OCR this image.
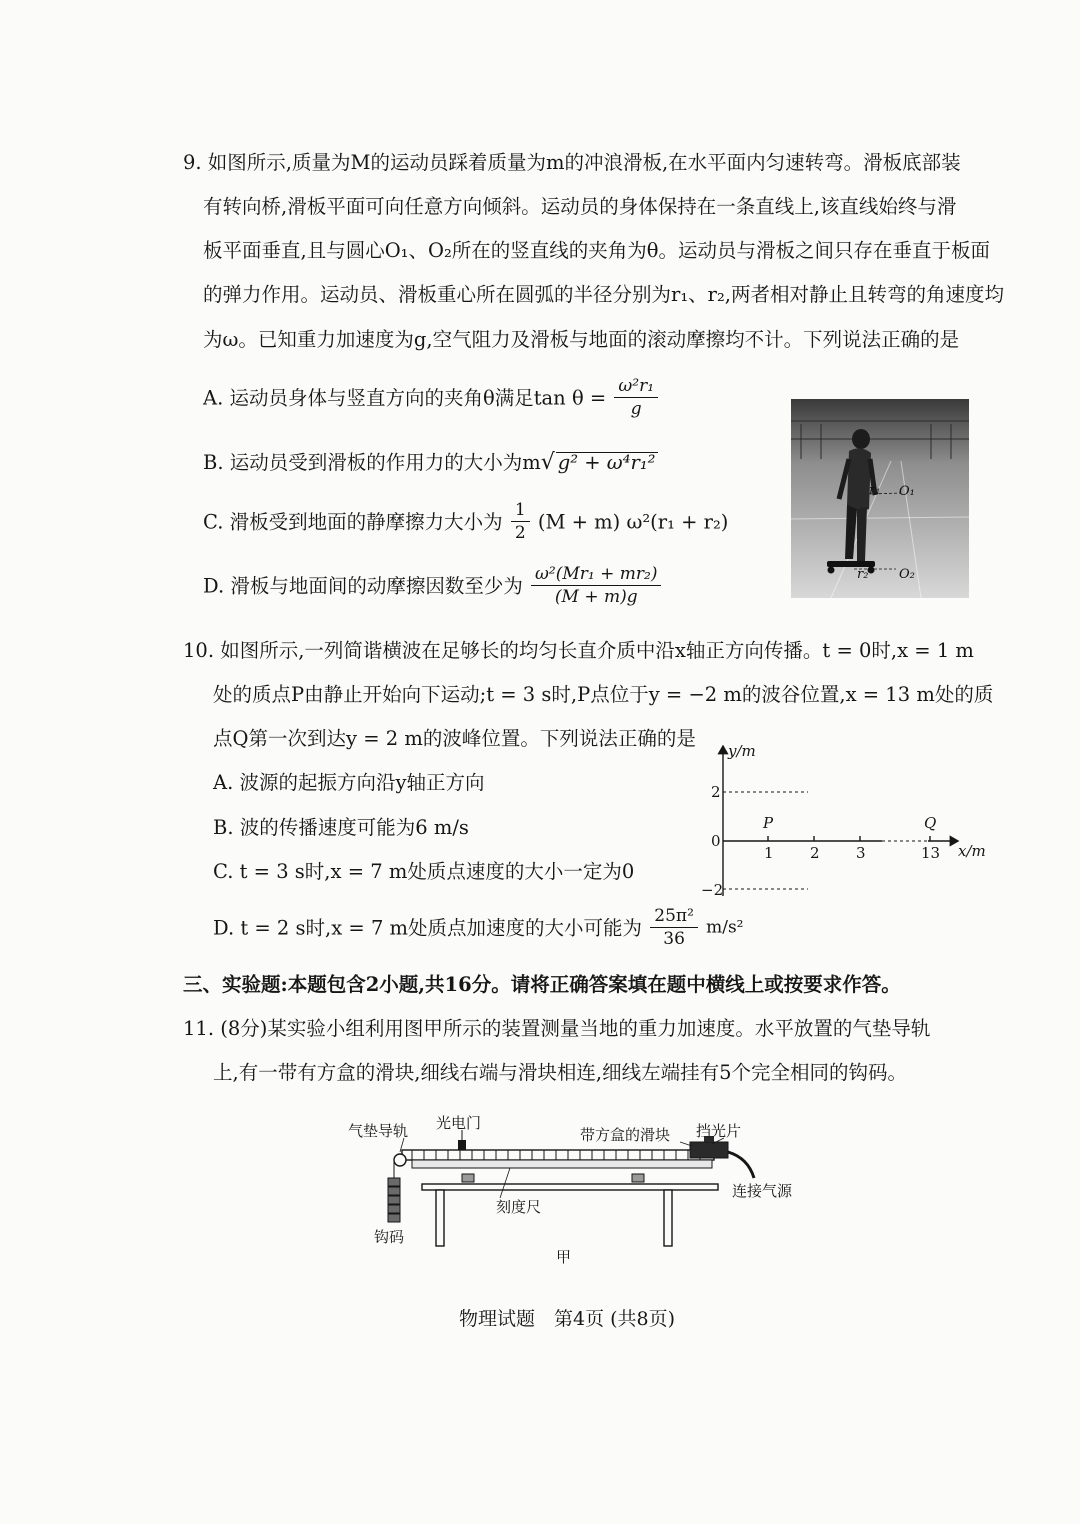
9. 如图所示,质量为M的运动员踩着质量为m的冲浪滑板,在水平面内匀速转弯。滑板底部装
有转向桥,滑板平面可向任意方向倾斜。运动员的身体保持在一条直线上,该直线始终与滑
板平面垂直,且与圆心O₁、O₂所在的竖直线的夹角为θ。运动员与滑板之间只存在垂直于板面
的弹力作用。运动员、滑板重心所在圆弧的半径分别为r₁、r₂,两者相对静止且转弯的角速度均
为ω。已知重力加速度为g,空气阻力及滑板与地面的滚动摩擦均不计。下列说法正确的是
A. 运动员身体与竖直方向的夹角θ满足$\tan \theta = \frac{\text{ω²r₁}}{g}$
B. 运动员受到滑板的作用力的大小为m√ g² + ω⁴r₁²
C. 滑板受到地面的静摩擦力大小为 $\frac{1}{2} (M + m) \omega^2(r_1 + r_2)$
D. 滑板与地面间的动摩擦因数至少为 $\frac{\text{ω²(Mr₁ + mr₂)}}{(M + m)g}$
r₁ O₁
r₂ O₂
10. 如图所示,一列简谐横波在足够长的均匀长直介质中沿x轴正方向传播。t = 0时,x = 1 m
处的质点P由静止开始向下运动;t = 3 s时,P点位于y = −2 m的波谷位置,x = 13 m处的质
点Q第一次到达y = 2 m的波峰位置。下列说法正确的是
A. 波源的起振方向沿y轴正方向
B. 波的传播速度可能为6 m/s
C. t = 3 s时,x = 7 m处质点速度的大小一定为0
D. t = 2 s时,x = 7 m处质点加速度的大小可能为 $\frac{\text{25π²}}{36} m/s^2$
y/m
x/m
2
0
−2
1 2 3	13
P	Q
三、实验题:本题包含2小题,共16分。请将正确答案填在题中横线上或按要求作答。
11. (8分)某实验小组利用图甲所示的装置测量当地的重力加速度。水平放置的气垫导轨
上,有一带有方盒的滑块,细线右端与滑块相连,细线左端挂有5个完全相同的钩码。
气垫导轨 光电门
带方盒的滑块 挡光片
连接气源
刻度尺
钩码
甲
物理试题　第4页 (共8页)
